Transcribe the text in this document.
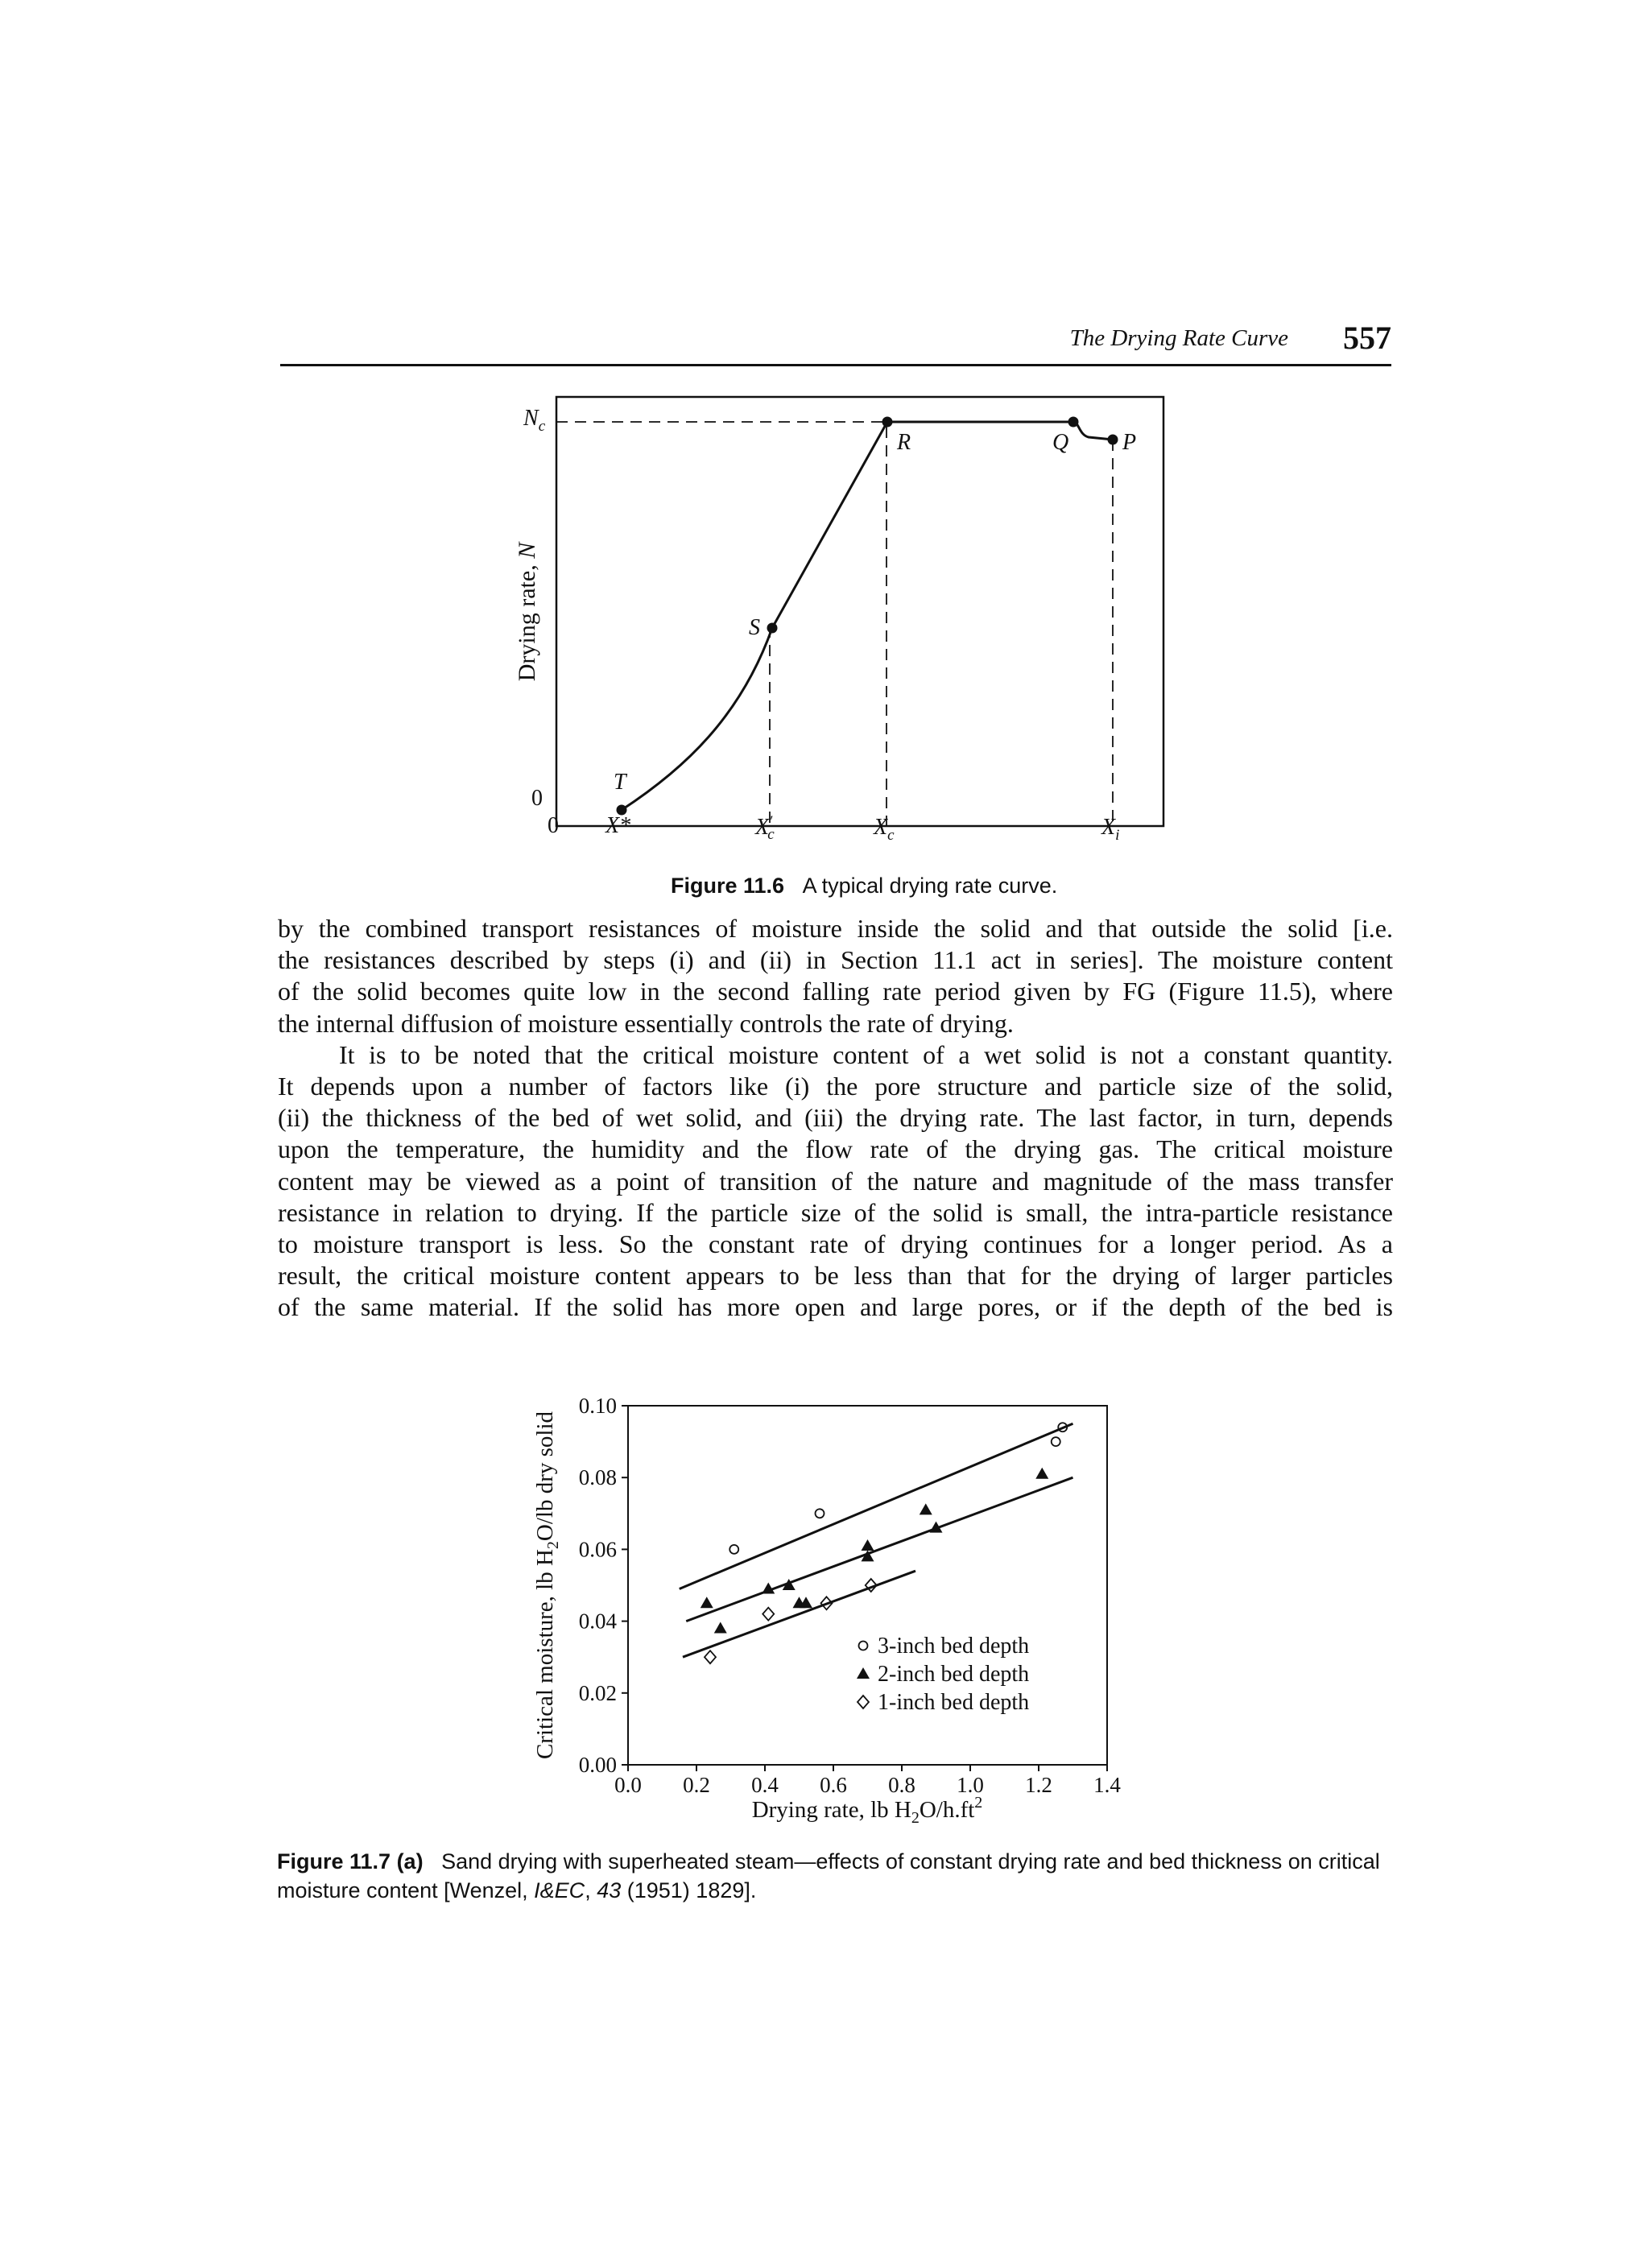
The Drying Rate Curve 557
T
S
R	Q P
0
$N_c$
0 X*	X′ c	$X_c$	$X_i$
Drying rate, N
Figure 11.6 A typical drying rate curve.

by the combined transport resistances of moisture inside the solid and that outside the solid [i.e.

the resistances described by steps (i) and (ii) in Section 11.1 act in series]. The moisture content

of the solid becomes quite low in the second falling rate period given by FG (Figure 11.5), where

the internal diffusion of moisture essentially controls the rate of drying.

It is to be noted that the critical moisture content of a wet solid is not a constant quantity.

It depends upon a number of factors like (i) the pore structure and particle size of the solid,

(ii) the thickness of the bed of wet solid, and (iii) the drying rate. The last factor, in turn, depends

upon the temperature, the humidity and the flow rate of the drying gas. The critical moisture

content may be viewed as a point of transition of the nature and magnitude of the mass transfer

resistance in relation to drying. If the particle size of the solid is small, the intra-particle resistance

to moisture transport is less. So the constant rate of drying continues for a longer period. As a

result, the critical moisture content appears to be less than that for the drying of larger particles

of the same material. If the solid has more open and large pores, or if the depth of the bed is

0.00
0.02
0.04
0.06
0.08
0.10
0.0 0.2 0.4 0.6 0.8 1.0 1.2 1.4
3-inch bed depth
2-inch bed depth
1-inch bed depth
Critical moisture, lb $H_2O/lb$ dry solid
Drying rate, lb $H_2O/h.ft^2$
Figure 11.7 (a) Sand drying with superheated steam—effects of constant drying rate and bed thickness on critical moisture content [Wenzel, I&EC, 43 (1951) 1829].
